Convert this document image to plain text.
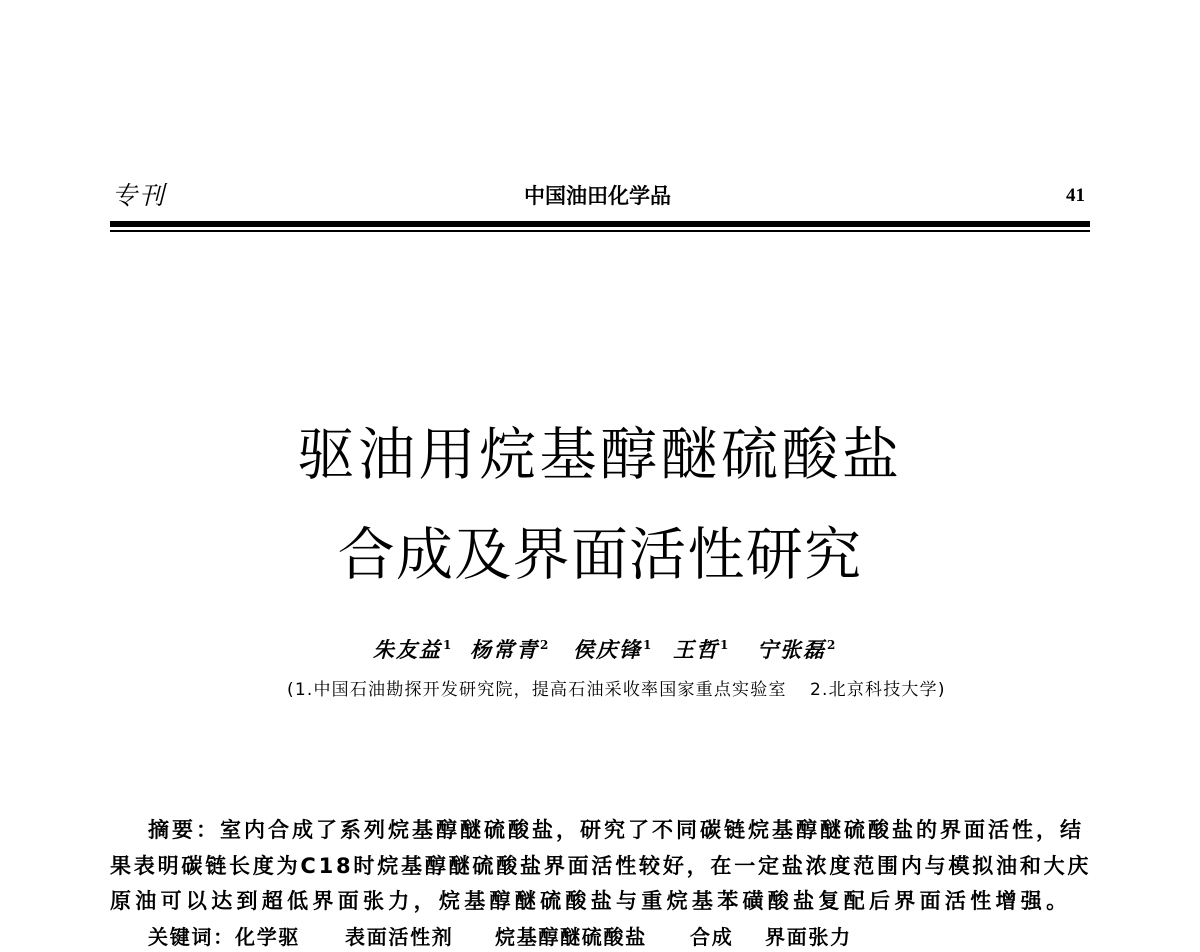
专刊	中国油田化学品	41
驱油用烷基醇醚硫酸盐
合成及界面活性研究
朱友益$^1$ 杨常青$^2$ 侯庆锋$^1$ 王哲$^1$ 宁张磊$^2$
(1.中国石油勘探开发研究院，提高石油采收率国家重点实验室 2.北京科技大学)
摘要：室内合成了系列烷基醇醚硫酸盐，研究了不同碳链烷基醇醚硫酸盐的界面活性，结
果表明碳链长度为C18时烷基醇醚硫酸盐界面活性较好，在一定盐浓度范围内与模拟油和大庆
原油可以达到超低界面张力，烷基醇醚硫酸盐与重烷基苯磺酸盐复配后界面活性增强。
关键词： 化学驱 表面活性剂 烷基醇醚硫酸盐 合成 界面张力
